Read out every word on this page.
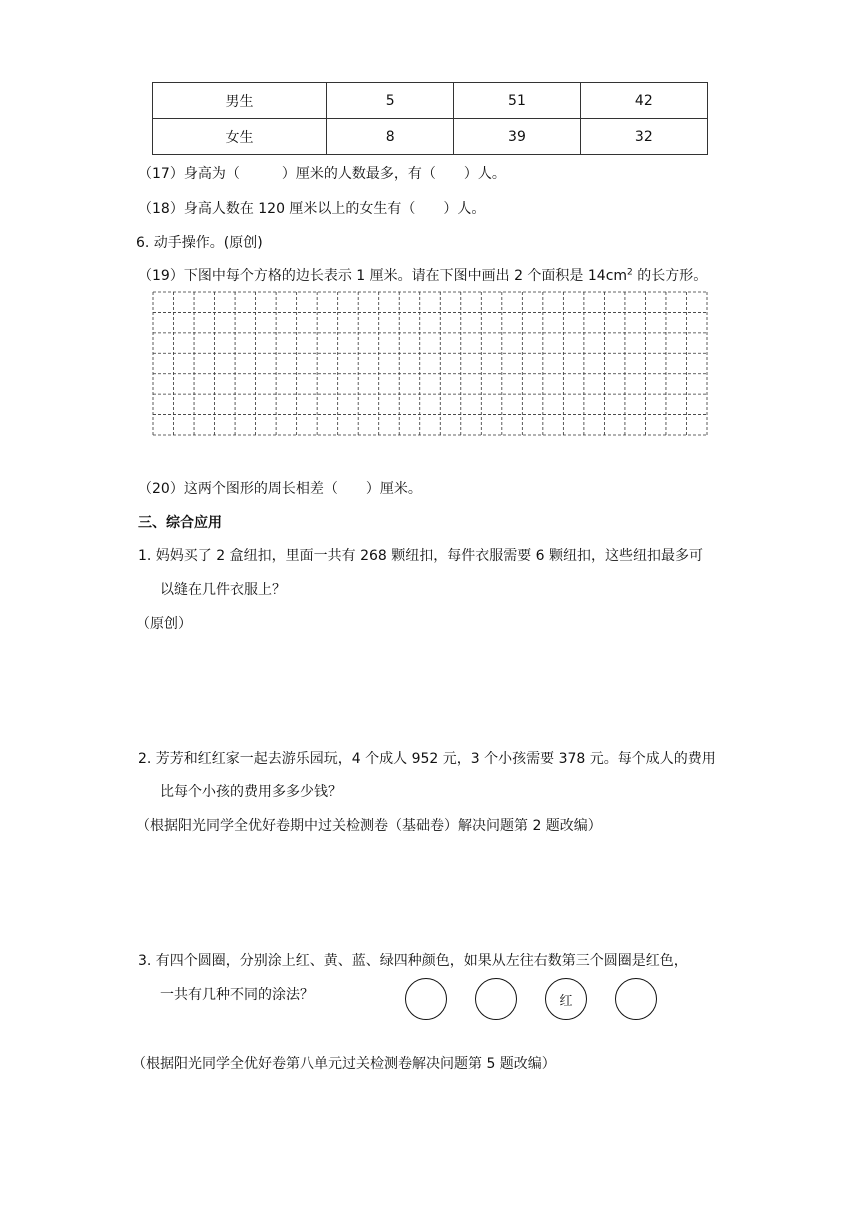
男生	5	51	42
女生	8	39	32
（17）身高为（　　　）厘米的人数最多，有（　　）人。
（18）身高人数在 120 厘米以上的女生有（　　）人。
6. 动手操作。(原创)
（19）下图中每个方格的边长表示 1 厘米。请在下图中画出 2 个面积是 $14cm^2$ 的长方形。
（20）这两个图形的周长相差（　　）厘米。
三、综合应用
1. 妈妈买了 2 盒纽扣，里面一共有 268 颗纽扣，每件衣服需要 6 颗纽扣，这些纽扣最多可
以缝在几件衣服上？
（原创）
2. 芳芳和红红家一起去游乐园玩，4 个成人 952 元，3 个小孩需要 378 元。每个成人的费用
比每个小孩的费用多多少钱？
（根据阳光同学全优好卷期中过关检测卷（基础卷）解决问题第 2 题改编）
3. 有四个圆圈，分别涂上红、黄、蓝、绿四种颜色，如果从左往右数第三个圆圈是红色，
一共有几种不同的涂法？	红
（根据阳光同学全优好卷第八单元过关检测卷解决问题第 5 题改编）
